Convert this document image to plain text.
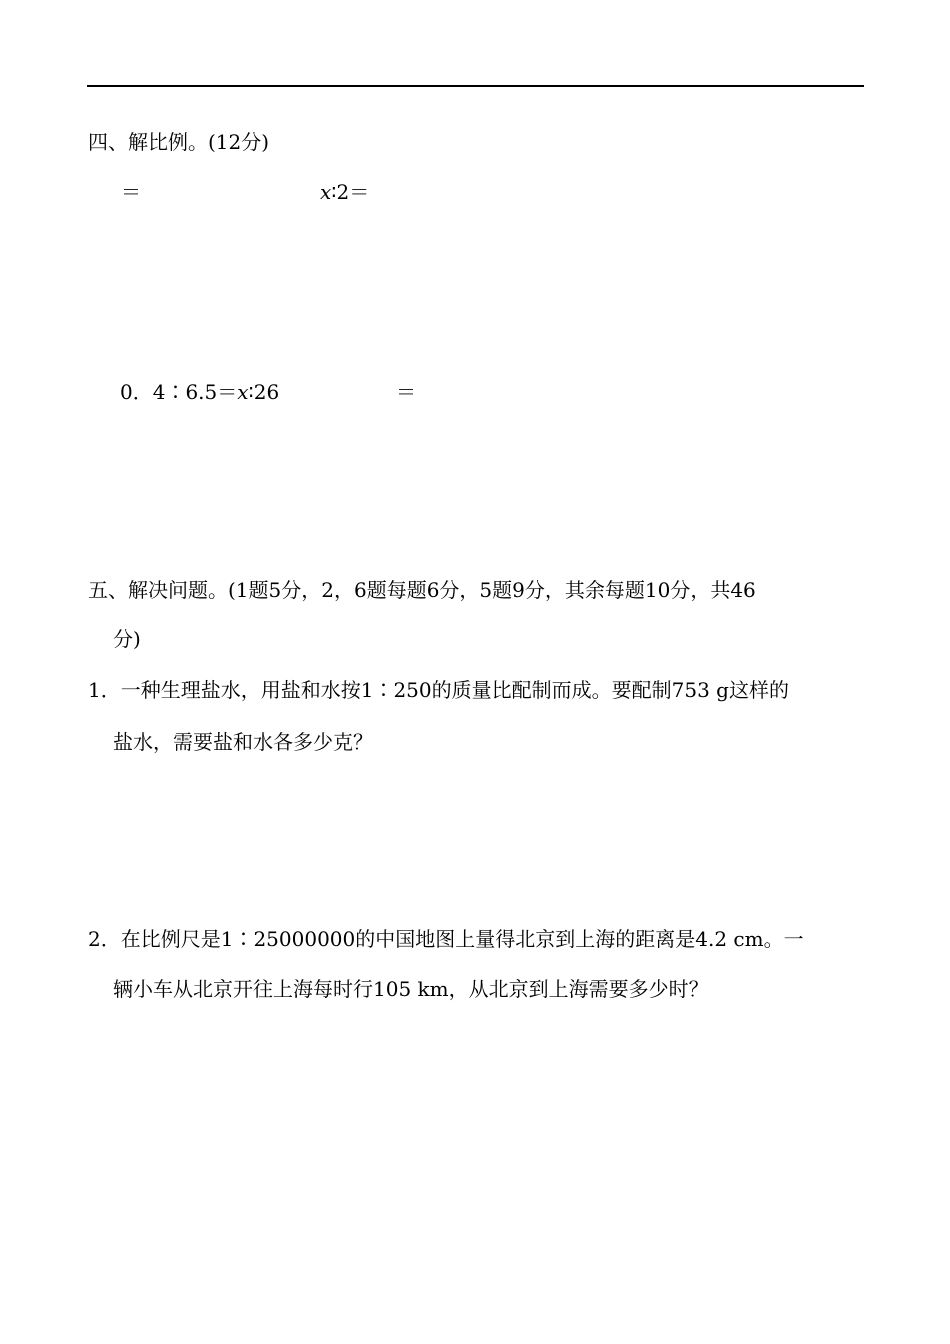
四、解比例。(12分)
＝	x∶2＝
0．4∶6.5＝x∶26	＝
五、解决问题。(1题5分，2，6题每题6分，5题9分，其余每题10分，共46
分)
1．一种生理盐水，用盐和水按1∶250的质量比配制而成。要配制753 g这样的
盐水，需要盐和水各多少克？
2．在比例尺是1∶25000000的中国地图上量得北京到上海的距离是4.2 cm。一
辆小车从北京开往上海每时行105 km，从北京到上海需要多少时？
